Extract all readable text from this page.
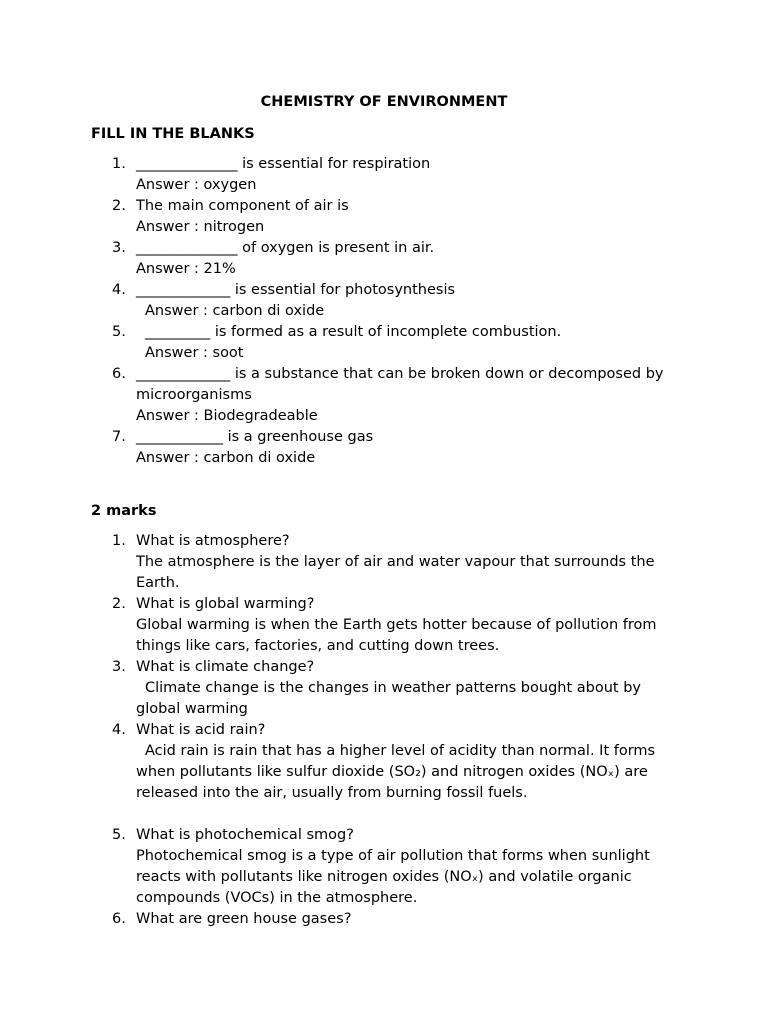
CHEMISTRY OF ENVIRONMENT
FILL IN THE BLANKS
1. ______________ is essential for respiration
Answer : oxygen
2. The main component of air is
Answer : nitrogen
3. ______________ of oxygen is present in air.
Answer : 21%
4. _____________ is essential for photosynthesis
Answer : carbon di oxide
5.	_________ is formed as a result of incomplete combustion.
Answer : soot
6. _____________ is a substance that can be broken down or decomposed by microorganisms
Answer : Biodegradeable
7. ____________ is a greenhouse gas
Answer : carbon di oxide
2 marks
1. What is atmosphere?
The atmosphere is the layer of air and water vapour that surrounds the Earth.
2. What is global warming?
Global warming is when the Earth gets hotter because of pollution from things like cars, factories, and cutting down trees.
3. What is climate change?
Climate change is the changes in weather patterns bought about by global warming
4. What is acid rain?
Acid rain is rain that has a higher level of acidity than normal. It forms when pollutants like sulfur dioxide (SO₂) and nitrogen oxides (NOₓ) are released into the air, usually from burning fossil fuels.
5. What is photochemical smog?
Photochemical smog is a type of air pollution that forms when sunlight reacts with pollutants like nitrogen oxides (NOₓ) and volatile organic compounds (VOCs) in the atmosphere.
6. What are green house gases?
